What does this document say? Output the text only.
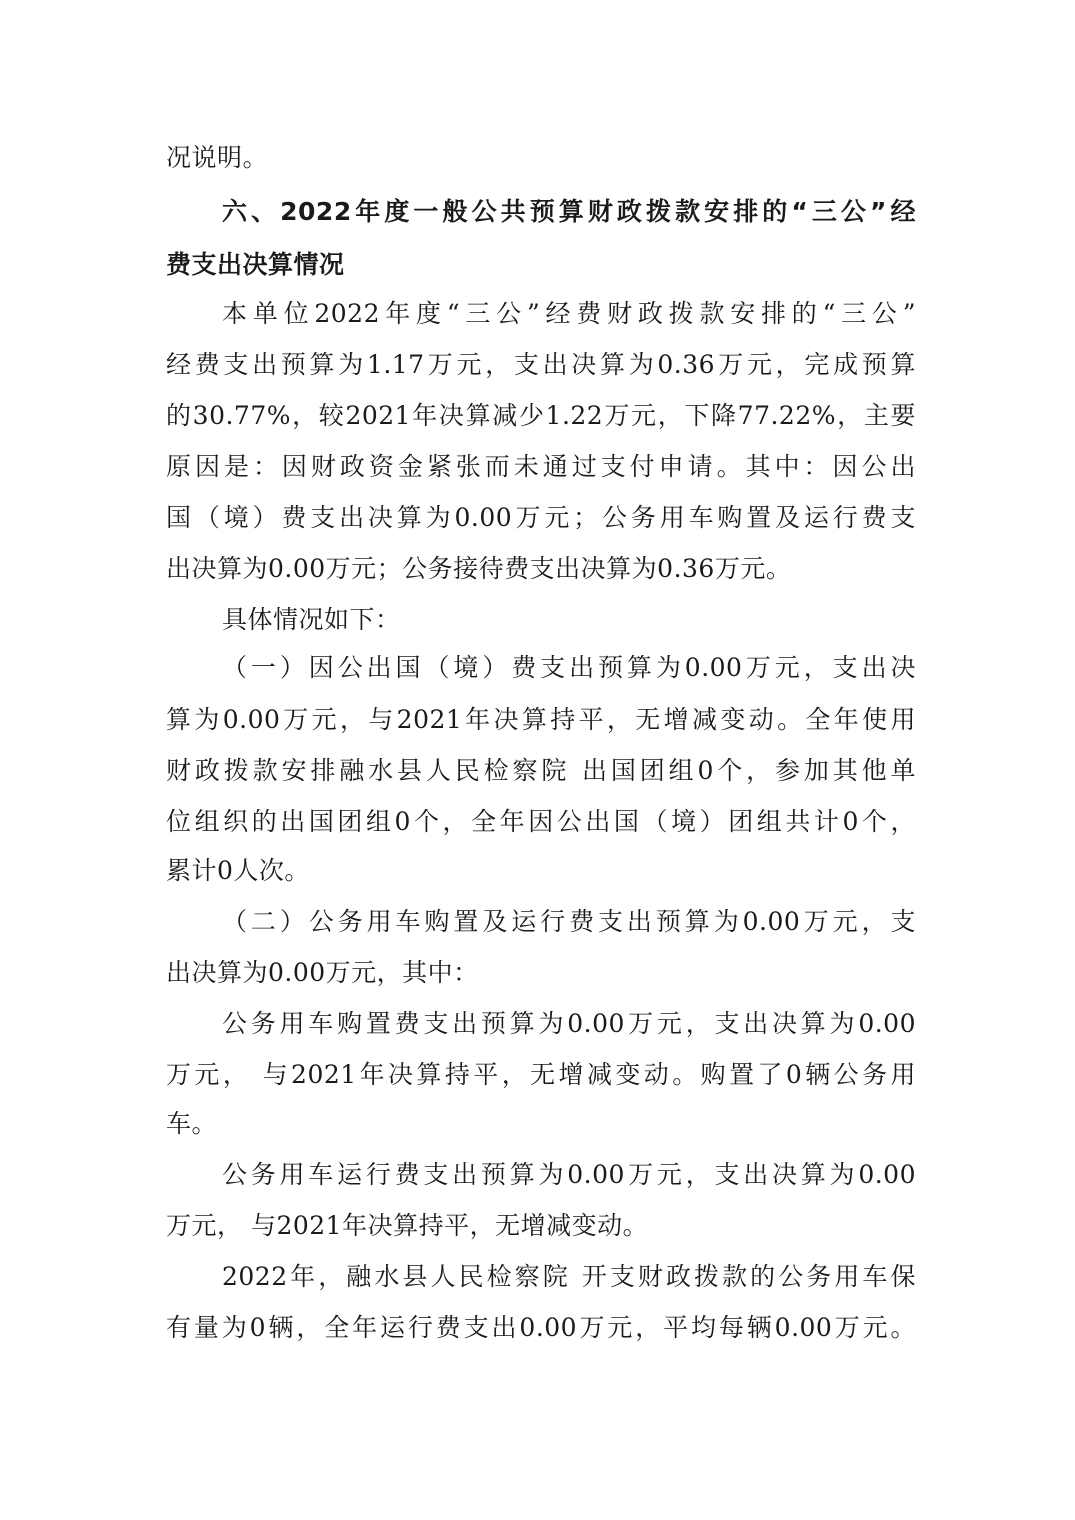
况说明。
六、2022年度一般公共预算财政拨款安排的“三公”经
费支出决算情况
本单位2022年度“三公”经费财政拨款安排的“三公”
经费支出预算为1.17万元，支出决算为0.36万元，完成预算
的30.77%，较2021年决算减少1.22万元，下降77.22%，主要
原因是：因财政资金紧张而未通过支付申请。其中：因公出
国（境）费支出决算为0.00万元；公务用车购置及运行费支
出决算为0.00万元；公务接待费支出决算为0.36万元。
具体情况如下：
（一）因公出国（境）费支出预算为0.00万元，支出决
算为0.00万元，与2021年决算持平，无增减变动。全年使用
财政拨款安排融水县人民检察院 出国团组0个，参加其他单
位组织的出国团组0个，全年因公出国（境）团组共计0个，
累计0人次。
（二）公务用车购置及运行费支出预算为0.00万元，支
出决算为0.00万元，其中：
公务用车购置费支出预算为0.00万元，支出决算为0.00
万元， 与2021年决算持平，无增减变动。购置了0辆公务用
车。
公务用车运行费支出预算为0.00万元，支出决算为0.00
万元， 与2021年决算持平，无增减变动。
2022年，融水县人民检察院 开支财政拨款的公务用车保
有量为0辆，全年运行费支出0.00万元，平均每辆0.00万元。
